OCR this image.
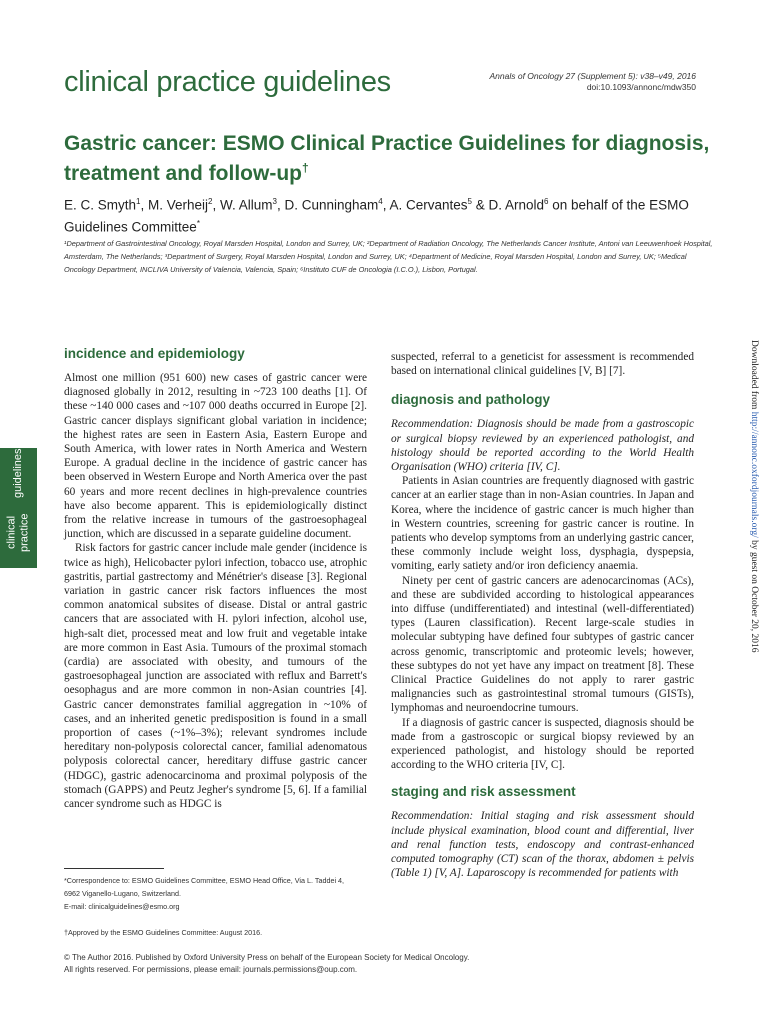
clinical practice guidelines	Annals of Oncology 27 (Supplement 5): v38–v49, 2016
doi:10.1093/annonc/mdw350
Gastric cancer: ESMO Clinical Practice Guidelines for diagnosis, treatment and follow-up†
E. C. Smyth$^1$, M. Verheij$^2$, W. Allum$^3$, D. Cunningham$^4$, A. Cervantes$^5$ & D. Arnold$^6$ on behalf of the ESMO Guidelines Committee*
¹Department of Gastrointestinal Oncology, Royal Marsden Hospital, London and Surrey, UK; ²Department of Radiation Oncology, The Netherlands Cancer Institute, Antoni van Leeuwenhoek Hospital, Amsterdam, The Netherlands; ³Department of Surgery, Royal Marsden Hospital, London and Surrey, UK; ⁴Department of Medicine, Royal Marsden Hospital, London and Surrey, UK; ⁵Medical Oncology Department, INCLIVA University of Valencia, Valencia, Spain; ⁶Instituto CUF de Oncologia (I.C.O.), Lisbon, Portugal.
incidence and epidemiology

Almost one million (951 600) new cases of gastric cancer were diagnosed globally in 2012, resulting in ~723 100 deaths [1]. Of these ~140 000 cases and ~107 000 deaths occurred in Europe [2]. Gastric cancer displays significant global variation in incidence; the highest rates are seen in Eastern Asia, Eastern Europe and South America, with lower rates in North America and Western Europe. A gradual decline in the incidence of gastric cancer has been observed in Western Europe and North America over the past 60 years and more recent declines in high-prevalence countries have also become apparent. This is epidemiologically distinct from the relative increase in tumours of the gastroesophageal junction, which are discussed in a separate guideline document.

Risk factors for gastric cancer include male gender (incidence is twice as high), Helicobacter pylori infection, tobacco use, atrophic gastritis, partial gastrectomy and Ménétrier's disease [3]. Regional variation in gastric cancer risk factors influences the most common anatomical subsites of disease. Distal or antral gastric cancers that are associated with H. pylori infection, alcohol use, high-salt diet, processed meat and low fruit and vegetable intake are more common in East Asia. Tumours of the proximal stomach (cardia) are associated with obesity, and tumours of the gastroesophageal junction are associated with reflux and Barrett's oesophagus and are more common in non-Asian countries [4]. Gastric cancer demonstrates familial aggregation in ~10% of cases, and an inherited genetic predisposition is found in a small proportion of cases (~1%–3%); relevant syndromes include hereditary non-polyposis colorectal cancer, familial adenomatous polyposis colorectal cancer, hereditary diffuse gastric cancer (HDGC), gastric adenocarcinoma and proximal polyposis of the stomach (GAPPS) and Peutz Jegher's syndrome [5, 6]. If a familial cancer syndrome such as HDGC is

*Correspondence to: ESMO Guidelines Committee, ESMO Head Office, Via L. Taddei 4,

6962 Viganello-Lugano, Switzerland.

E-mail: clinicalguidelines@esmo.org

†Approved by the ESMO Guidelines Committee: August 2016.

suspected, referral to a geneticist for assessment is recommended based on international clinical guidelines [V, B] [7].

diagnosis and pathology

Recommendation: Diagnosis should be made from a gastroscopic or surgical biopsy reviewed by an experienced pathologist, and histology should be reported according to the World Health Organisation (WHO) criteria [IV, C].

Patients in Asian countries are frequently diagnosed with gastric cancer at an earlier stage than in non-Asian countries. In Japan and Korea, where the incidence of gastric cancer is much higher than in Western countries, screening for gastric cancer is routine. In patients who develop symptoms from an underlying gastric cancer, these commonly include weight loss, dysphagia, dyspepsia, vomiting, early satiety and/or iron deficiency anaemia.

Ninety per cent of gastric cancers are adenocarcinomas (ACs), and these are subdivided according to histological appearances into diffuse (undifferentiated) and intestinal (well-differentiated) types (Lauren classification). Recent large-scale studies in molecular subtyping have defined four subtypes of gastric cancer across genomic, transcriptomic and proteomic levels; however, these subtypes do not yet have any impact on treatment [8]. These Clinical Practice Guidelines do not apply to rarer gastric malignancies such as gastrointestinal stromal tumours (GISTs), lymphomas and neuroendocrine tumours.

If a diagnosis of gastric cancer is suspected, diagnosis should be made from a gastroscopic or surgical biopsy reviewed by an experienced pathologist, and histology should be reported according to the WHO criteria [IV, C].

staging and risk assessment

Recommendation: Initial staging and risk assessment should include physical examination, blood count and differential, liver and renal function tests, endoscopy and contrast-enhanced computed tomography (CT) scan of the thorax, abdomen ± pelvis (Table 1) [V, A]. Laparoscopy is recommended for patients with

© The Author 2016. Published by Oxford University Press on behalf of the European Society for Medical Oncology.
All rights reserved. For permissions, please email: journals.permissions@oup.com.
clinical practice
guidelines
Downloaded from http://annonc.oxfordjournals.org/ by guest on October 20, 2016
